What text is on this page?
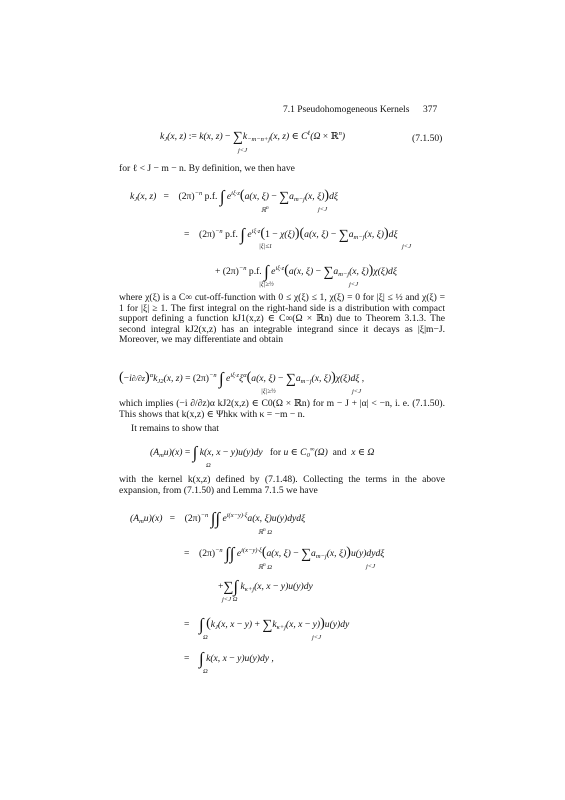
7.1 Pseudohomogeneous Kernels 377
$k_J(x$, z) := k(x, $z) - \sum k_{-m-n+j}(x$, z) ∈ $C^\ell(\Omega$ × ℝ$^n$)
j<J
(7.1.50)

for ℓ < J − m − n. By definition, we then have

$k_J(x$, $z) = (2\pi)^{-n}$ p.f. ∫ $e^{i\xi\cdot z}(a(x$, $\xi) - \sum a_{m-j}(x$, ξ))dξ
ℝ$^n$	j<J
= $(2\pi)^{-n}$ p.f. ∫ $e^{i\xi\cdot z}(1 - \chi(\xi))(a(x$, $\xi) - \sum a_{m-j}(x$, ξ))dξ
|ξ|≤1	j<J
+ $(2\pi)^{-n}$ p.f. ∫ $e^{i\xi\cdot z}(a(x$, $\xi) - \sum a_{m-j}(x$, ξ))χ(ξ)dξ
|ξ|≥½	j<J

where χ(ξ) is a C∞ cut-off-function with 0 ≤ χ(ξ) ≤ 1, χ(ξ) = 0 for |ξ| ≤ ½ and χ(ξ) = 1 for |ξ| ≥ 1. The first integral on the right-hand side is a distribution with compact support defining a function kJ1(x,z) ∈ C∞(Ω × ℝn) due to Theorem 3.1.3. The second integral kJ2(x,z) has an integrable integrand since it decays as |ξ|m−J. Moreover, we may differentiate and obtain

$(-i\partial/\partial z)^\alpha k_{J2}(x$, $z) = (2\pi)^{-n}$ ∫ $e^{i\xi\cdot z}\xi^\alpha(a(x$, $\xi) - \sum a_{m-j}(x$, ξ))χ(ξ)dξ ,
|ξ|≥½	j<J

which implies (−i ∂/∂z)α kJ2(x,z) ∈ C0(Ω × ℝn) for m − J + |α| < −n, i. e. (7.1.50). This shows that k(x,z) ∈ Ψhkκ with κ = −m − n.

It remains to show that

$(A_mu)(x)$ = ∫ k(x, x − y)u(y)dy   for u ∈ $C_0^\infty(\Omega)$  and  x ∈ Ω
Ω

with the kernel k(x,z) defined by (7.1.48). Collecting the terms in the above expansion, from (7.1.50) and Lemma 7.1.5 we have

$(A_mu)(x) = (2\pi)^{-n}$ ∫∫ $e^{i(x-y)\cdot\xi}a(x$, ξ)u(y)dydξ
ℝ$^n$ Ω
= $(2\pi)^{-n}$ ∫∫ $e^{i(x-y)\cdot\xi}(a(x$, $\xi) - \sum a_{m-j}(x$, ξ))u(y)dydξ
ℝ$^n$ Ω	j<J
+∑∫ $k_{\kappa+j}(x$, x − y)u(y)dy
j<J Ω
= ∫ ($k_J(x$, $x - y) + \sum k_{\kappa+j}(x$, x − y))u(y)dy
Ω	j<J
= ∫ k(x, x − y)u(y)dy ,
Ω
